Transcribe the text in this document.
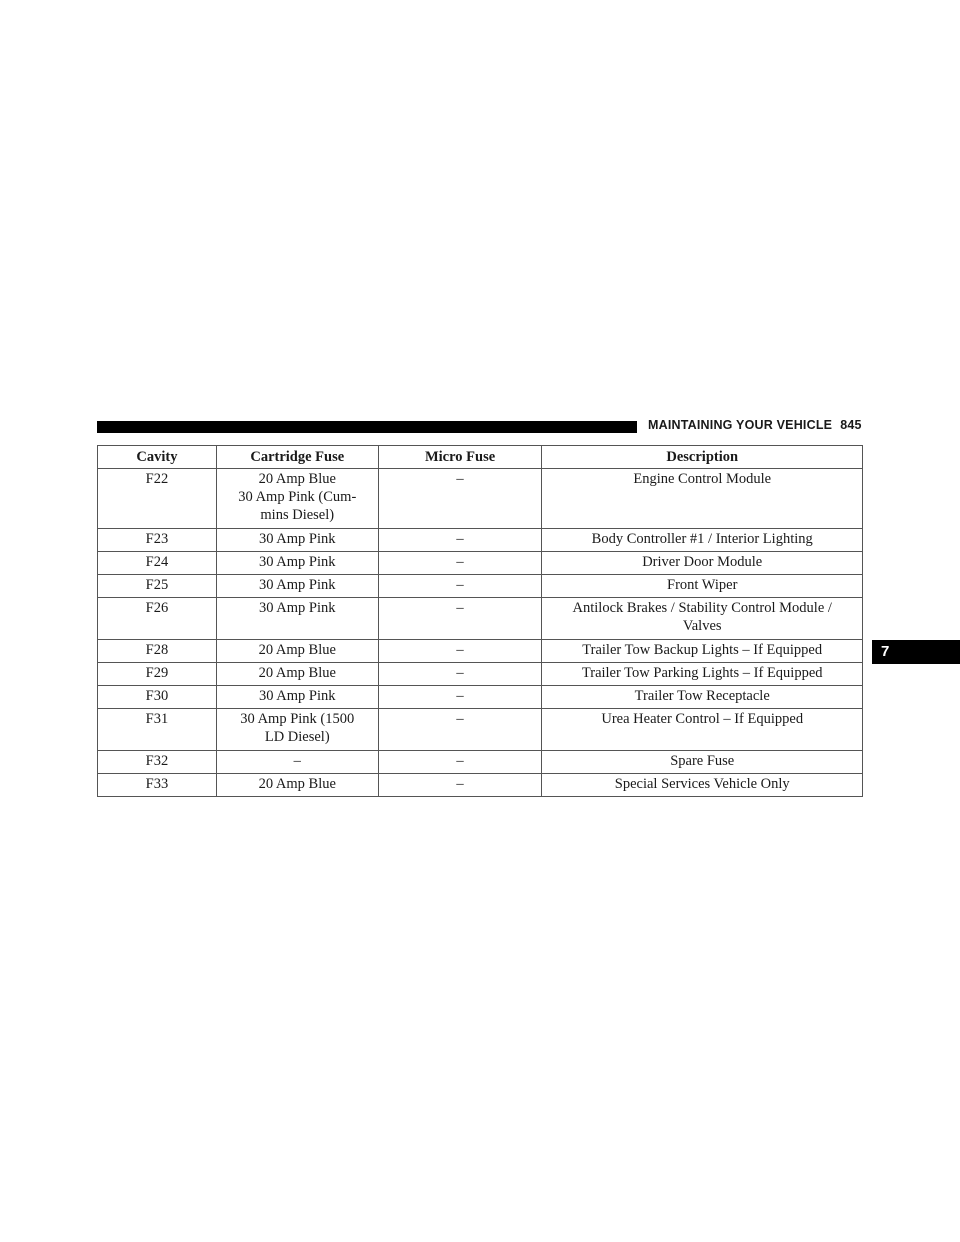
MAINTAINING YOUR VEHICLE 845
7
Cavity	Cartridge Fuse	Micro Fuse	Description
F22	20 Amp Blue
30 Amp Pink (Cum-
mins Diesel)	–	Engine Control Module

F23	30 Amp Pink	–	Body Controller #1 / Interior Lighting

F24	30 Amp Pink	–	Driver Door Module

F25	30 Amp Pink	–	Front Wiper

F26	30 Amp Pink	–	Antilock Brakes / Stability Control Module /
Valves

F28	20 Amp Blue	–	Trailer Tow Backup Lights – If Equipped

F29	20 Amp Blue	–	Trailer Tow Parking Lights – If Equipped

F30	30 Amp Pink	–	Trailer Tow Receptacle

F31	30 Amp Pink (1500
LD Diesel)	–	Urea Heater Control – If Equipped

F32	–	–	Spare Fuse

F33	20 Amp Blue	–	Special Services Vehicle Only
